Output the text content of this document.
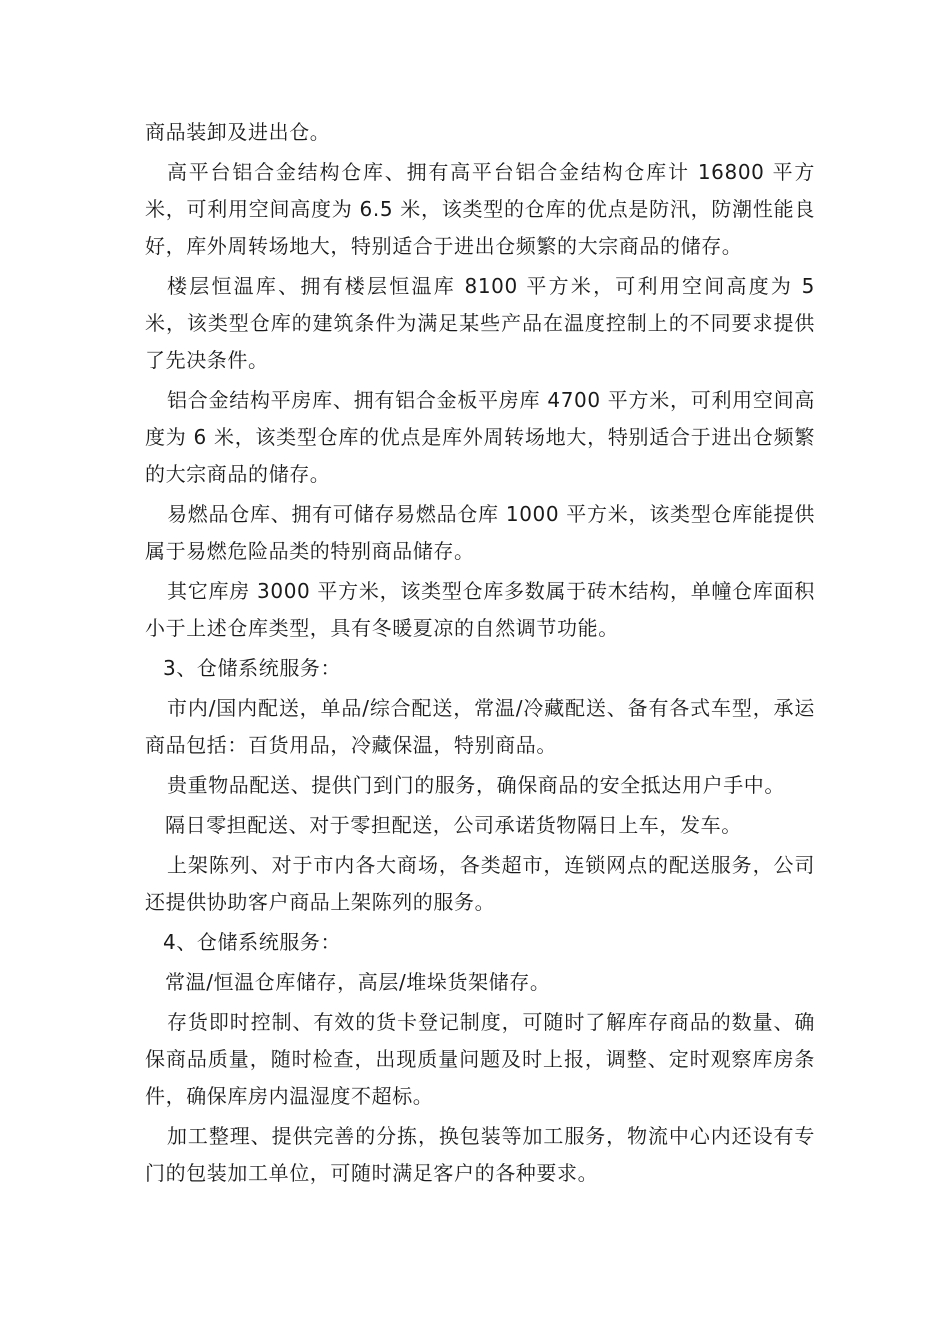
商品装卸及进出仓。

高平台铝合金结构仓库、拥有高平台铝合金结构仓库计 16800 平方米，可利用空间高度为 6.5 米，该类型的仓库的优点是防汛，防潮性能良好，库外周转场地大，特别适合于进出仓频繁的大宗商品的储存。

楼层恒温库、拥有楼层恒温库 8100 平方米，可利用空间高度为 5 米，该类型仓库的建筑条件为满足某些产品在温度控制上的不同要求提供了先决条件。

铝合金结构平房库、拥有铝合金板平房库 4700 平方米，可利用空间高度为 6 米，该类型仓库的优点是库外周转场地大，特别适合于进出仓频繁的大宗商品的储存。

易燃品仓库、拥有可储存易燃品仓库 1000 平方米，该类型仓库能提供属于易燃危险品类的特别商品储存。

其它库房 3000 平方米，该类型仓库多数属于砖木结构，单幢仓库面积小于上述仓库类型，具有冬暖夏凉的自然调节功能。

3、仓储系统服务：

市内/国内配送，单品/综合配送，常温/冷藏配送、备有各式车型，承运商品包括：百货用品，冷藏保温，特别商品。

贵重物品配送、提供门到门的服务，确保商品的安全抵达用户手中。

隔日零担配送、对于零担配送，公司承诺货物隔日上车，发车。

上架陈列、对于市内各大商场，各类超市，连锁网点的配送服务，公司还提供协助客户商品上架陈列的服务。

4、仓储系统服务：

常温/恒温仓库储存，高层/堆垛货架储存。

存货即时控制、有效的货卡登记制度，可随时了解库存商品的数量、确保商品质量，随时检查，出现质量问题及时上报，调整、定时观察库房条件，确保库房内温湿度不超标。

加工整理、提供完善的分拣，换包装等加工服务，物流中心内还设有专门的包装加工单位，可随时满足客户的各种要求。
